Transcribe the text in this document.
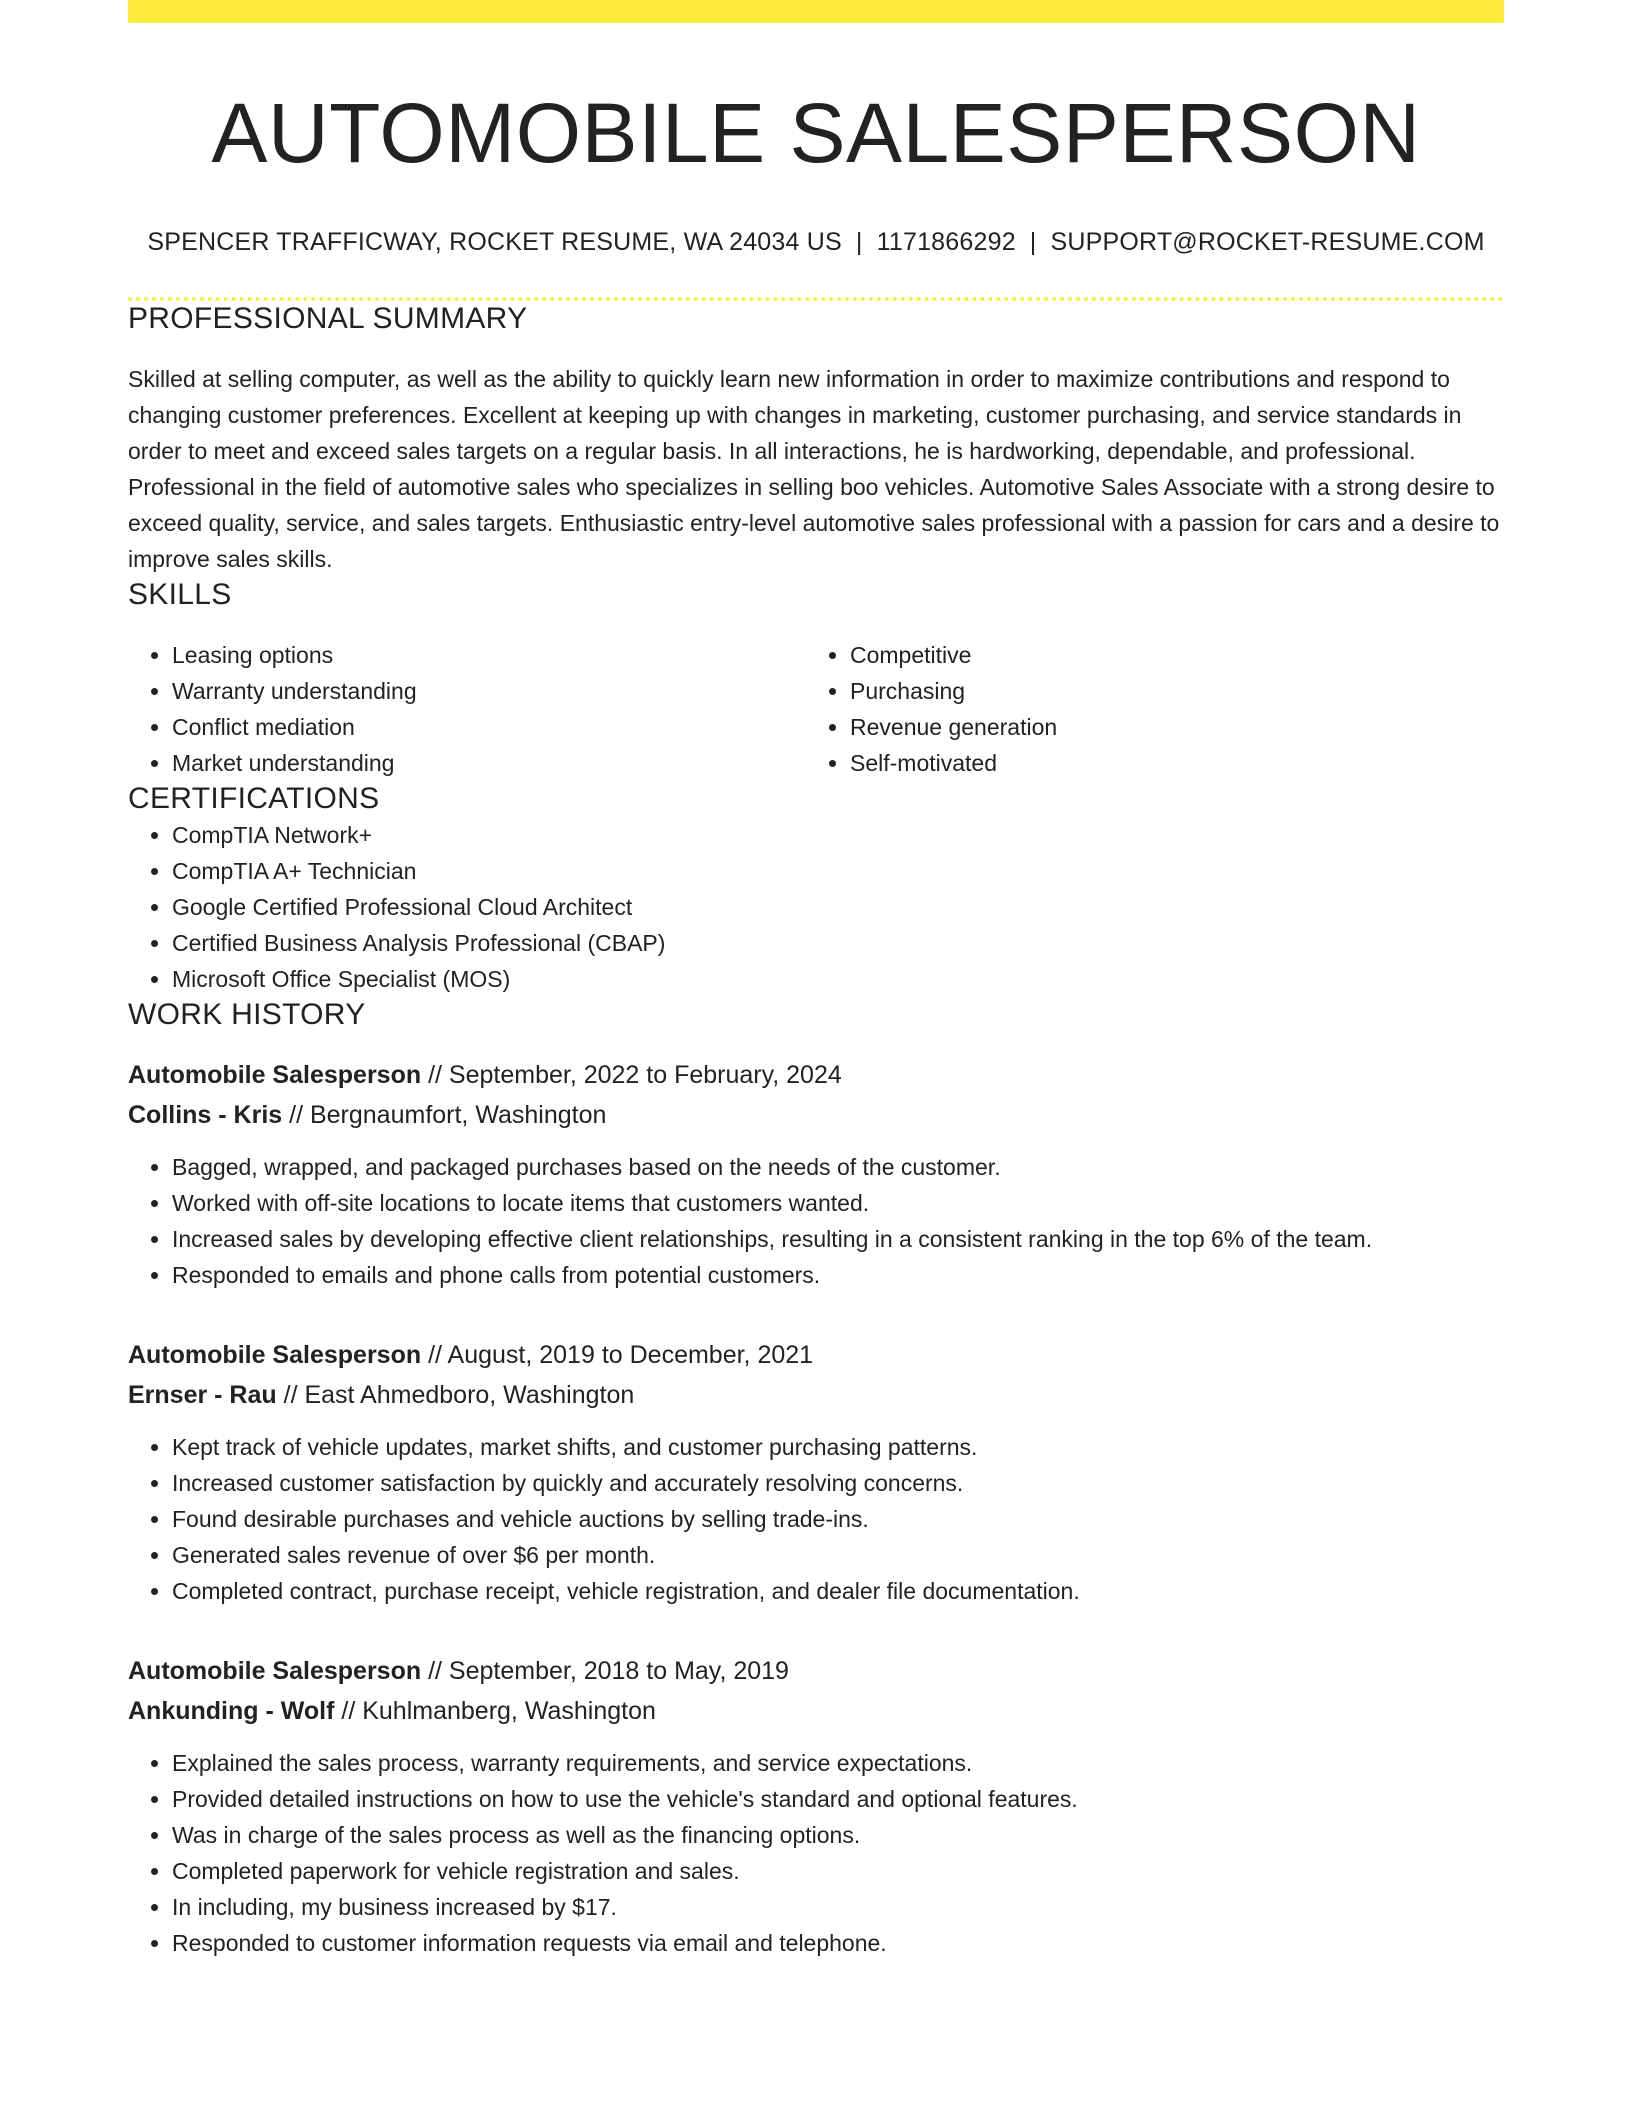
AUTOMOBILE SALESPERSON
SPENCER TRAFFICWAY, ROCKET RESUME, WA 24034 US | 1171866292 | SUPPORT@ROCKET-RESUME.COM
PROFESSIONAL SUMMARY

Skilled at selling computer, as well as the ability to quickly learn new information in order to maximize contributions and respond to changing customer preferences. Excellent at keeping up with changes in marketing, customer purchasing, and service standards in order to meet and exceed sales targets on a regular basis. In all interactions, he is hardworking, dependable, and professional. Professional in the field of automotive sales who specializes in selling boo vehicles. Automotive Sales Associate with a strong desire to exceed quality, service, and sales targets. Enthusiastic entry-level automotive sales professional with a passion for cars and a desire to improve sales skills.

SKILLS
• Leasing options
• Warranty understanding
• Conflict mediation
• Market understanding
• Competitive
• Purchasing
• Revenue generation
• Self-motivated
CERTIFICATIONS
• CompTIA Network+
• CompTIA A+ Technician
• Google Certified Professional Cloud Architect
• Certified Business Analysis Professional (CBAP)
• Microsoft Office Specialist (MOS)
WORK HISTORY
Automobile Salesperson // September, 2022 to February, 2024
Collins - Kris // Bergnaumfort, Washington
• Bagged, wrapped, and packaged purchases based on the needs of the customer.
• Worked with off-site locations to locate items that customers wanted.
• Increased sales by developing effective client relationships, resulting in a consistent ranking in the top 6% of the team.
• Responded to emails and phone calls from potential customers.
Automobile Salesperson // August, 2019 to December, 2021
Ernser - Rau // East Ahmedboro, Washington
• Kept track of vehicle updates, market shifts, and customer purchasing patterns.
• Increased customer satisfaction by quickly and accurately resolving concerns.
• Found desirable purchases and vehicle auctions by selling trade-ins.
• Generated sales revenue of over $6 per month.
• Completed contract, purchase receipt, vehicle registration, and dealer file documentation.
Automobile Salesperson // September, 2018 to May, 2019
Ankunding - Wolf // Kuhlmanberg, Washington
• Explained the sales process, warranty requirements, and service expectations.
• Provided detailed instructions on how to use the vehicle's standard and optional features.
• Was in charge of the sales process as well as the financing options.
• Completed paperwork for vehicle registration and sales.
• In including, my business increased by $17.
• Responded to customer information requests via email and telephone.
